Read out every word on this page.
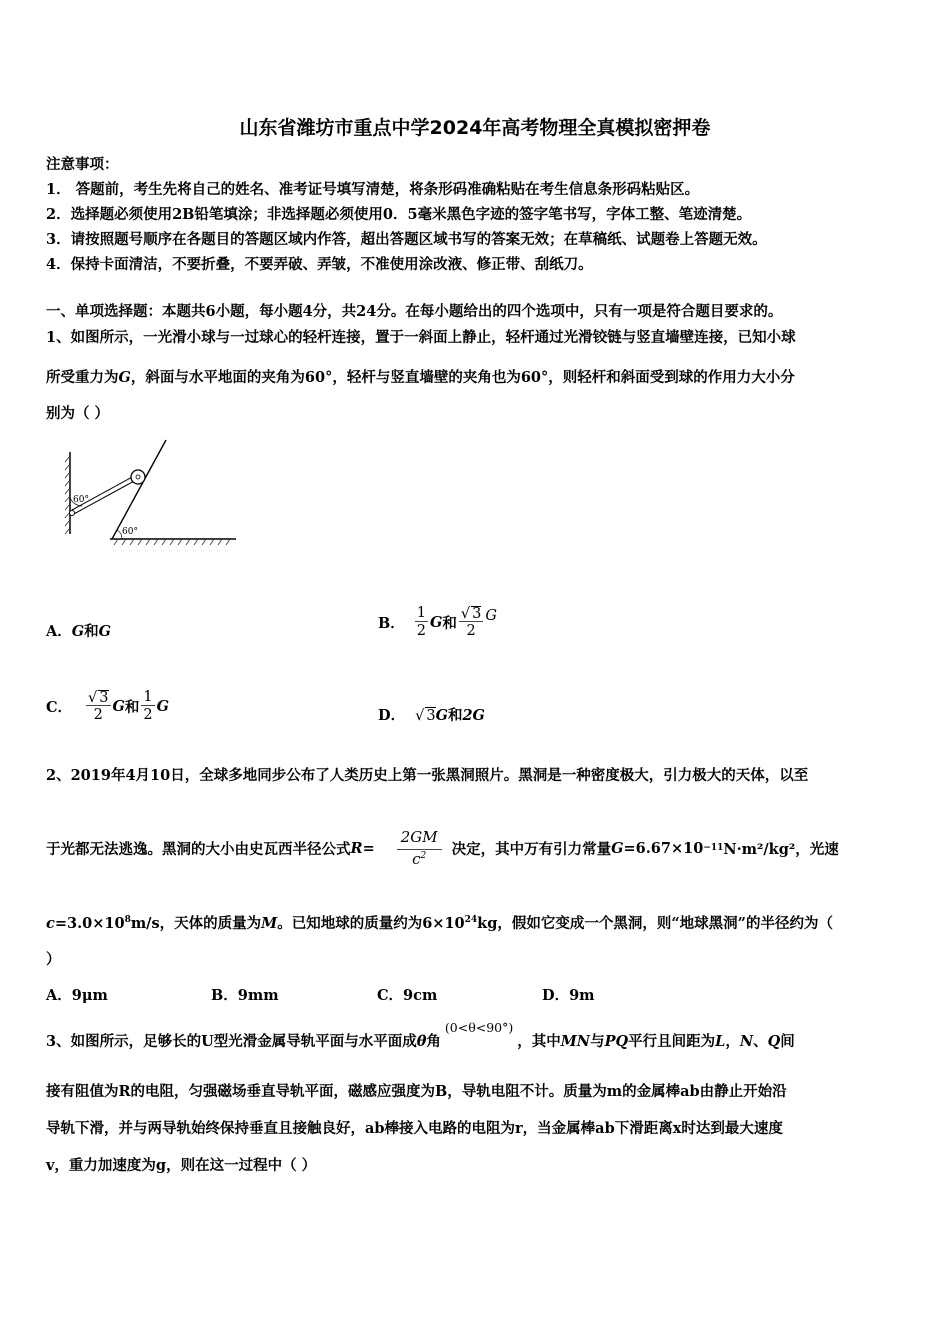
山东省潍坊市重点中学2024年高考物理全真模拟密押卷
注意事项：
1． 答题前，考生先将自己的姓名、准考证号填写清楚，将条形码准确粘贴在考生信息条形码粘贴区。
2．选择题必须使用2B铅笔填涂；非选择题必须使用0．5毫米黑色字迹的签字笔书写，字体工整、笔迹清楚。
3．请按照题号顺序在各题目的答题区域内作答，超出答题区域书写的答案无效；在草稿纸、试题卷上答题无效。
4．保持卡面清洁，不要折叠，不要弄破、弄皱，不准使用涂改液、修正带、刮纸刀。
一、单项选择题：本题共6小题，每小题4分，共24分。在每小题给出的四个选项中，只有一项是符合题目要求的。
1、如图所示，一光滑小球与一过球心的轻杆连接，置于一斜面上静止，轻杆通过光滑铰链与竖直墙壁连接，已知小球
所受重力为G，斜面与水平地面的夹角为60°，轻杆与竖直墙壁的夹角也为60°，则轻杆和斜面受到球的作用力大小分
别为（ ）
60°
60°
A．G和G	B． $\frac{1}{2}$ G 和 $\frac{√ 3}{2}$ G
C． $\frac{√ 3}{2}$ G 和 $\frac{1}{2}$ G
D． √ 3G和2G
2、2019年4月10日，全球多地同步公布了人类历史上第一张黑洞照片。黑洞是一种密度极大，引力极大的天体，以至
于光都无法逃逸。黑洞的大小由史瓦西半径公式 $R = \frac{2GM}{c^2}$ 决定，其中万有引力常量 G =6.67×10 −11 N·m²/kg²，光速
$c=3.0\times 10^8m/s$，天体的质量为M。已知地球的质量约为$6\times 10^{24}kg$，假如它变成一个黑洞，则“地球黑洞”的半径约为（
）
A．9μm	B．9mm	C．9cm	D．9m
3、如图所示，足够长的U型光滑金属导轨平面与水平面成θ角(0<θ<90°)，其中MN与PQ平行且间距为L，N、Q间
接有阻值为R的电阻，匀强磁场垂直导轨平面，磁感应强度为B，导轨电阻不计。质量为m的金属棒ab由静止开始沿
导轨下滑，并与两导轨始终保持垂直且接触良好，ab棒接入电路的电阻为r，当金属棒ab下滑距离x时达到最大速度
v，重力加速度为g，则在这一过程中（ ）
